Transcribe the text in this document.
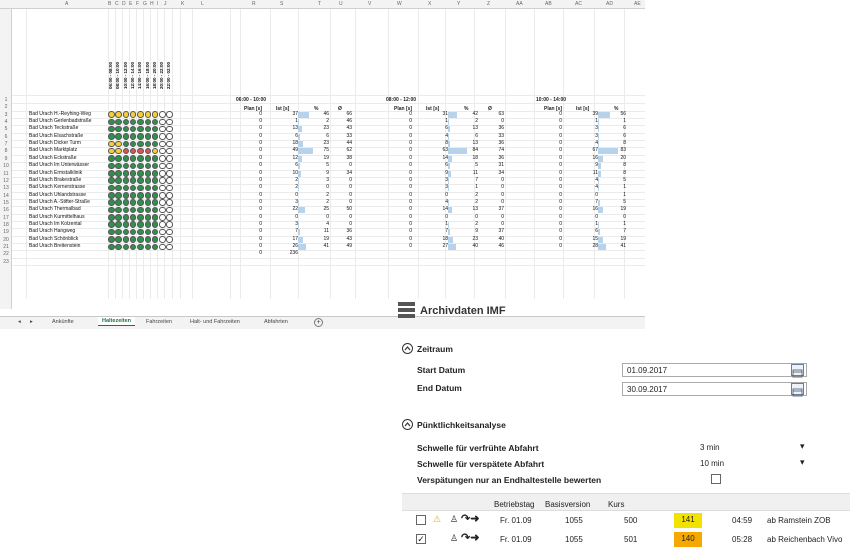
A	B C D E F G H I J	K	L	R	S	T	U	V	W	X	Y	Z	AA	AB	AC	AD	AE
1
2
3
4
5
6
7
8
9
10
11
12
13
14
15
16
17
18
19
20
21
22
23
06:00 - 08:00 08:00 - 10:00 10:00 - 12:00 12:00 - 14:00 14:00 - 16:00 16:00 - 18:00 18:00 - 20:00 20:00 - 22:00 22:00 - 02:00
06:00 - 10:00
Plan [s]	Ist [s]	%	Ø
08:00 - 12:00
Plan [s]	Ist [s]	%	Ø
10:00 - 14:00
Plan [s]	Ist [s]	%
Bad Urach H.-Reyhing-Weg	0	37	46	66	0	31	42	63	0	39	56
Bad Urach Gerlenbadstraße	0	1	2	46	0	1	2	0	0	1	1
Bad Urach Teckstraße	0	13	23	43	0	6	13	36	0	3	6
Bad Urach Elsachstraße	0	6	6	33	0	4	6	33	0	3	6
Bad Urach Dicker Turm	0	18	23	44	0	8	13	36	0	4	8
Bad Urach Marktplatz	0	49	75	62	0	63	84	74	0	67	83
Bad Urach Eckstraße	0	12	19	38	0	14	18	36	0	16	20
Bad Urach Im Unterwässer	0	6	5	0	0	6	5	31	0	9	8
Bad Urach Ermstalklinik	0	10	9	34	0	9	11	34	0	11	8
Bad Urach Brakestraße	0	2	3	0	0	3	7	0	0	4	5
Bad Urach Kernerstrasse	0	2	0	0	0	3	1	0	0	4	1
Bad Urach Uhlandstrasse	0	0	2	0	0	0	2	0	0	0	1
Bad Urach A.-Stifter-Straße	0	3	2	0	0	4	2	0	0	7	5
Bad Urach Thermalbad	0	22	25	50	0	14	13	37	0	16	19
Bad Urach Kurmittelhaus	0	0	0	0	0	0	0	0	0	0	0
Bad Urach Im Kolzental	0	3	4	0	0	1	2	0	0	1	1
Bad Urach Hangweg	0	7	11	36	0	7	9	37	0	6	7
Bad Urach Schönblick	0	17	19	43	0	18	23	40	0	15	19
Bad Urach Breitenstein	0	26	41	49	0	27	40	46	0	28	41
0	236
◂ ▸	Ankünfte	Haltezeiten	Fahrzeiten	Halt- und Fahrzeiten	Abfahrten	+
Archivdaten IMF
Zeitraum
Start Datum	01.09.2017
End Datum	30.09.2017
Pünktlichkeitsanalyse
Schwelle für verfrühte Abfahrt	3 min	▾
Schwelle für verspätete Abfahrt	10 min	▾
Verspätungen nur an Endhaltestelle bewerten
Betriebstag Basisversion Kurs
⚠ ♙ ↷➜	Fr. 01.09	1055	500	141	04:59 ab Ramstein ZOB
✓	♙ ↷➜	Fr. 01.09	1055	501	140	05:28 ab Reichenbach Vivo
